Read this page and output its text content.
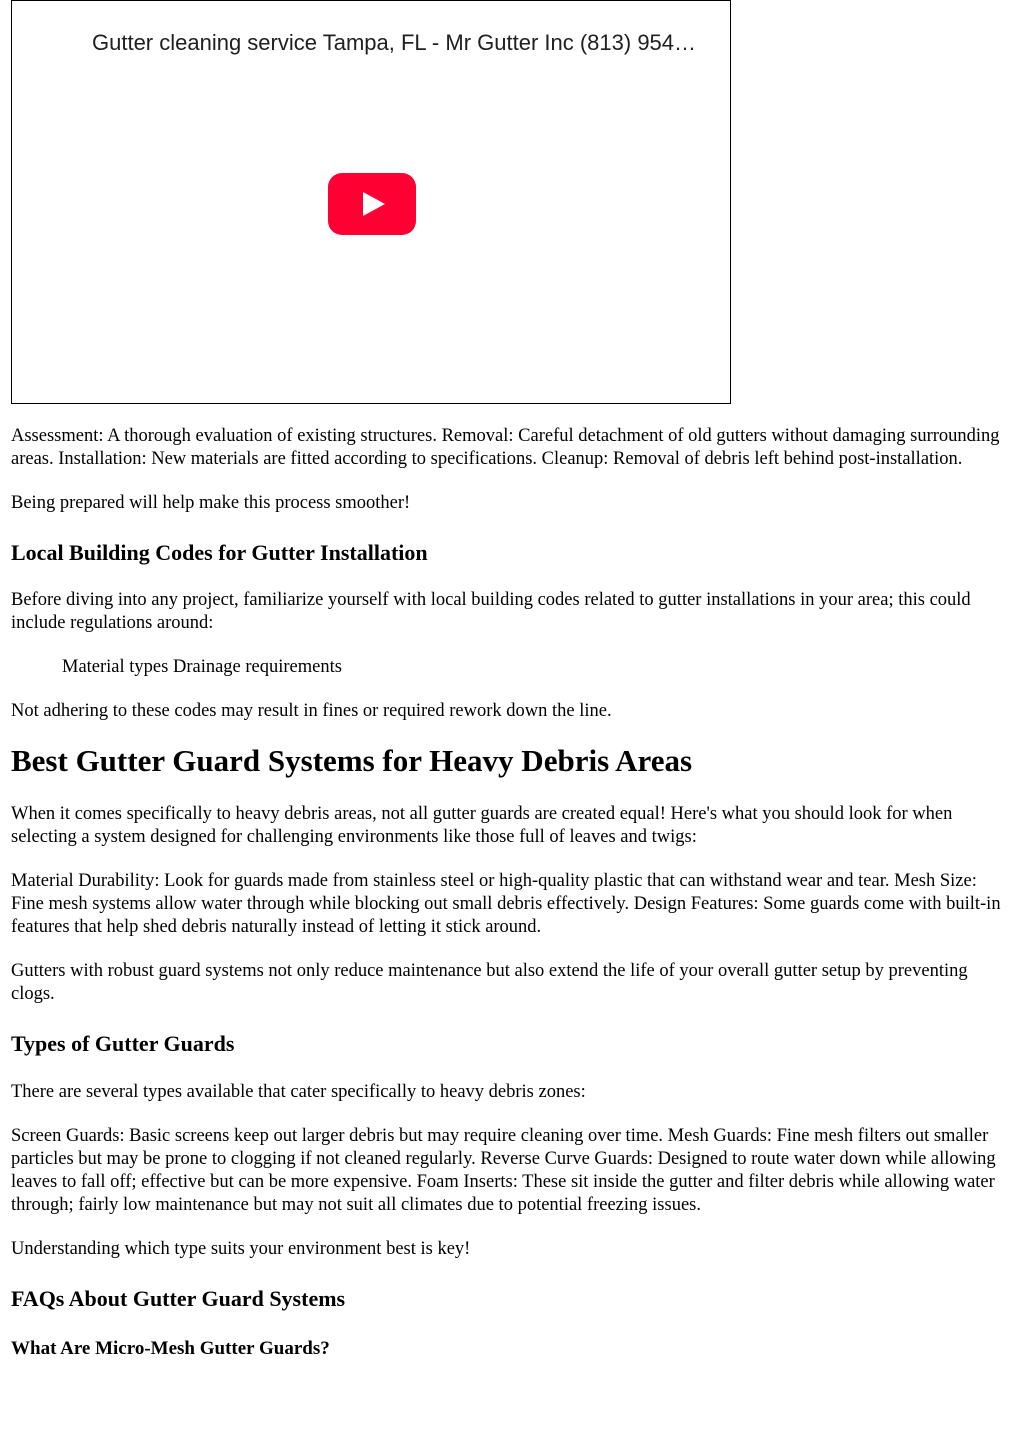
Gutter cleaning service Tampa, FL - Mr Gutter Inc (813) 954…

Assessment: A thorough evaluation of existing structures. Removal: Careful detachment of old gutters without damaging surrounding areas. Installation: New materials are fitted according to specifications. Cleanup: Removal of debris left behind post-installation.

Being prepared will help make this process smoother!

Local Building Codes for Gutter Installation

Before diving into any project, familiarize yourself with local building codes related to gutter installations in your area; this could include regulations around:

Material types Drainage requirements

Not adhering to these codes may result in fines or required rework down the line.

Best Gutter Guard Systems for Heavy Debris Areas

When it comes specifically to heavy debris areas, not all gutter guards are created equal! Here's what you should look for when selecting a system designed for challenging environments like those full of leaves and twigs:

Material Durability: Look for guards made from stainless steel or high-quality plastic that can withstand wear and tear. Mesh Size: Fine mesh systems allow water through while blocking out small debris effectively. Design Features: Some guards come with built-in features that help shed debris naturally instead of letting it stick around.

Gutters with robust guard systems not only reduce maintenance but also extend the life of your overall gutter setup by preventing clogs.

Types of Gutter Guards

There are several types available that cater specifically to heavy debris zones:

Screen Guards: Basic screens keep out larger debris but may require cleaning over time. Mesh Guards: Fine mesh filters out smaller particles but may be prone to clogging if not cleaned regularly. Reverse Curve Guards: Designed to route water down while allowing leaves to fall off; effective but can be more expensive. Foam Inserts: These sit inside the gutter and filter debris while allowing water through; fairly low maintenance but may not suit all climates due to potential freezing issues.

Understanding which type suits your environment best is key!

FAQs About Gutter Guard Systems
What Are Micro-Mesh Gutter Guards?
